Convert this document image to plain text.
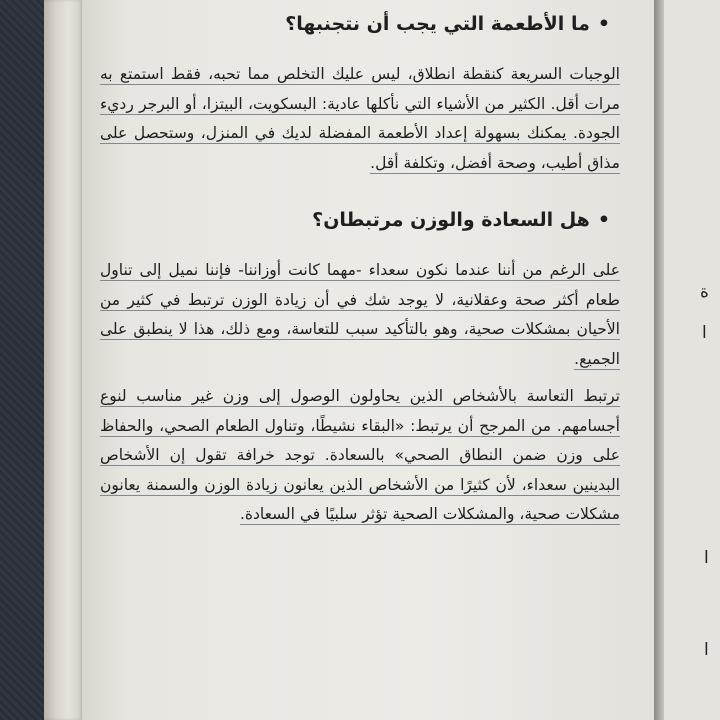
ة
ا
ا
ا
•ما الأطعمة التي يجب أن نتجنبها؟

الوجبات السريعة كنقطة انطلاق، ليس عليك التخلص مما تحبه، فقط استمتع به مرات أقل. الكثير من الأشياء التي نأكلها عادية: البسكويت، البيتزا، أو البرجر رديء الجودة. يمكنك بسهولة إعداد الأطعمة المفضلة لديك في المنزل، وستحصل على مذاق أطيب، وصحة أفضل، وتكلفة أقل.

•هل السعادة والوزن مرتبطان؟

على الرغم من أننا عندما نكون سعداء -مهما كانت أوزاننا- فإننا نميل إلى تناول طعام أكثر صحة وعقلانية، لا يوجد شك في أن زيادة الوزن ترتبط في كثير من الأحيان بمشكلات صحية، وهو بالتأكيد سبب للتعاسة، ومع ذلك، هذا لا ينطبق على الجميع.

ترتبط التعاسة بالأشخاص الذين يحاولون الوصول إلى وزن غير مناسب لنوع أجسامهم. من المرجح أن يرتبط: «البقاء نشيطًا، وتناول الطعام الصحي، والحفاظ على وزن ضمن النطاق الصحي» بالسعادة. توجد خرافة تقول إن الأشخاص البدينين سعداء، لأن كثيرًا من الأشخاص الذين يعانون زيادة الوزن والسمنة يعانون مشكلات صحية، والمشكلات الصحية تؤثر سلبيًا في السعادة.
